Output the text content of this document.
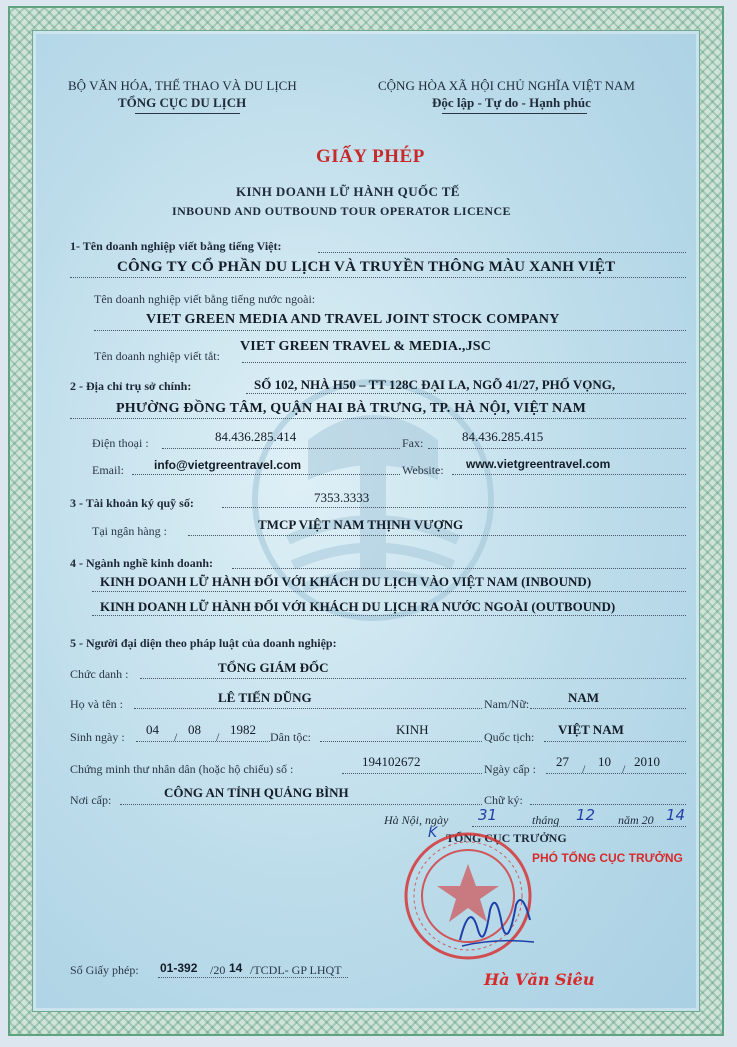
BỘ VĂN HÓA, THỂ THAO VÀ DU LỊCH
TỔNG CỤC DU LỊCH
CỘNG HÒA XÃ HỘI CHỦ NGHĨA VIỆT NAM
Độc lập - Tự do - Hạnh phúc
GIẤY PHÉP
KINH DOANH LỮ HÀNH QUỐC TẾ
INBOUND AND OUTBOUND TOUR OPERATOR LICENCE
1- Tên doanh nghiệp viết bằng tiếng Việt:
CÔNG TY CỔ PHẦN DU LỊCH VÀ TRUYỀN THÔNG MÀU XANH VIỆT
Tên doanh nghiệp viết bằng tiếng nước ngoài:
VIET GREEN MEDIA AND TRAVEL JOINT STOCK COMPANY
Tên doanh nghiệp viết tắt:
VIET GREEN TRAVEL & MEDIA.,JSC
2 - Địa chỉ trụ sở chính:	SỐ 102, NHÀ H50 – TT 128C ĐẠI LA, NGÕ 41/27, PHỐ VỌNG,
PHƯỜNG ĐỒNG TÂM, QUẬN HAI BÀ TRƯNG, TP. HÀ NỘI, VIỆT NAM
Điện thoại :	84.436.285.414	Fax:	84.436.285.415
Email:	info@vietgreentravel.com	Website: www.vietgreentravel.com
3 - Tài khoản ký quỹ số:	7353.3333
Tại ngân hàng :	TMCP VIỆT NAM THỊNH VƯỢNG
4 - Ngành nghề kinh doanh:
KINH DOANH LỮ HÀNH ĐỐI VỚI KHÁCH DU LỊCH VÀO VIỆT NAM (INBOUND)
KINH DOANH LỮ HÀNH ĐỐI VỚI KHÁCH DU LỊCH RA NƯỚC NGOÀI (OUTBOUND)
5 - Người đại diện theo pháp luật của doanh nghiệp:
Chức danh :	TỔNG GIÁM ĐỐC
Họ và tên :	LÊ TIẾN DŨNG	Nam/Nữ:	NAM
Sinh ngày : 04 / 08 / 1982 Dân tộc:	KINH	Quốc tịch: VIỆT NAM
Chứng minh thư nhân dân (hoặc hộ chiếu) số :	194102672	Ngày cấp : 27 / 10 / 2010
Nơi cấp:	CÔNG AN TỈNH QUẢNG BÌNH	Chữ ký:
Hà Nội, ngày 31	tháng 12 năm 20 14
K TỔNG CỤC TRƯỞNG
PHÓ TỔNG CỤC TRƯỞNG
Hà Văn Siêu
Số Giấy phép: 01-392 /20 14 /TCDL- GP LHQT
